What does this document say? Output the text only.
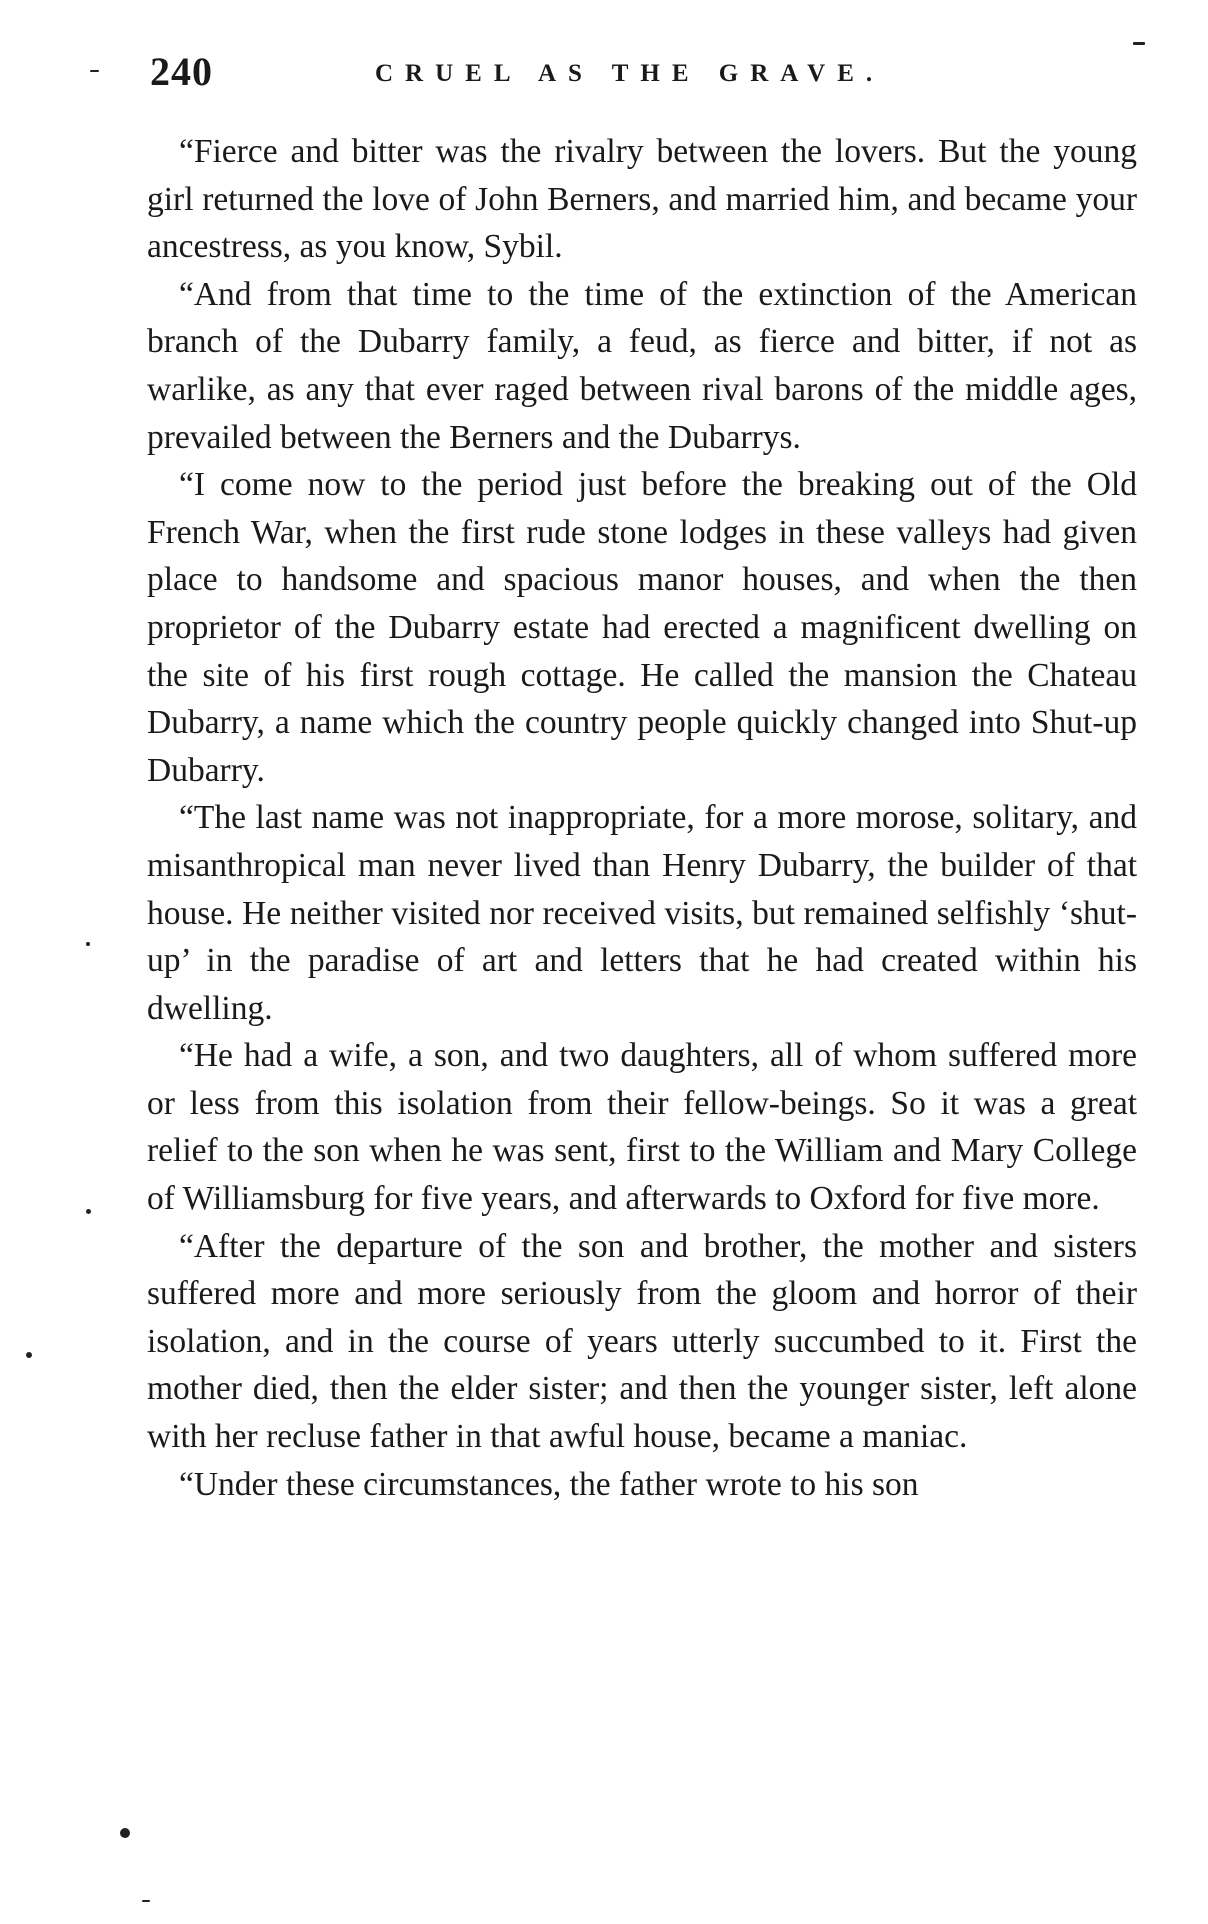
240	CRUEL AS THE GRAVE.

“Fierce and bitter was the rivalry between the lovers. But the young girl returned the love of John Berners, and married him, and became your ancestress, as you know, Sybil.

“And from that time to the time of the extinction of the American branch of the Dubarry family, a feud, as fierce and bitter, if not as warlike, as any that ever raged between rival barons of the middle ages, prevailed between the Berners and the Dubarrys.

“I come now to the period just before the breaking out of the Old French War, when the first rude stone lodges in these valleys had given place to handsome and spacious manor houses, and when the then proprietor of the Dubarry estate had erected a magnificent dwelling on the site of his first rough cottage. He called the mansion the Chateau Dubarry, a name which the country people quickly changed into Shut-up Dubarry.

“The last name was not inappropriate, for a more morose, solitary, and misanthropical man never lived than Henry Dubarry, the builder of that house. He neither visited nor received visits, but remained selfishly ‘shut-up’ in the paradise of art and letters that he had created within his dwelling.

“He had a wife, a son, and two daughters, all of whom suffered more or less from this isolation from their fellow-beings. So it was a great relief to the son when he was sent, first to the William and Mary College of Williamsburg for five years, and afterwards to Oxford for five more.

“After the departure of the son and brother, the mother and sisters suffered more and more seriously from the gloom and horror of their isolation, and in the course of years utterly succumbed to it. First the mother died, then the elder sister; and then the younger sister, left alone with her recluse father in that awful house, became a maniac.

“Under these circumstances, the father wrote to his son
